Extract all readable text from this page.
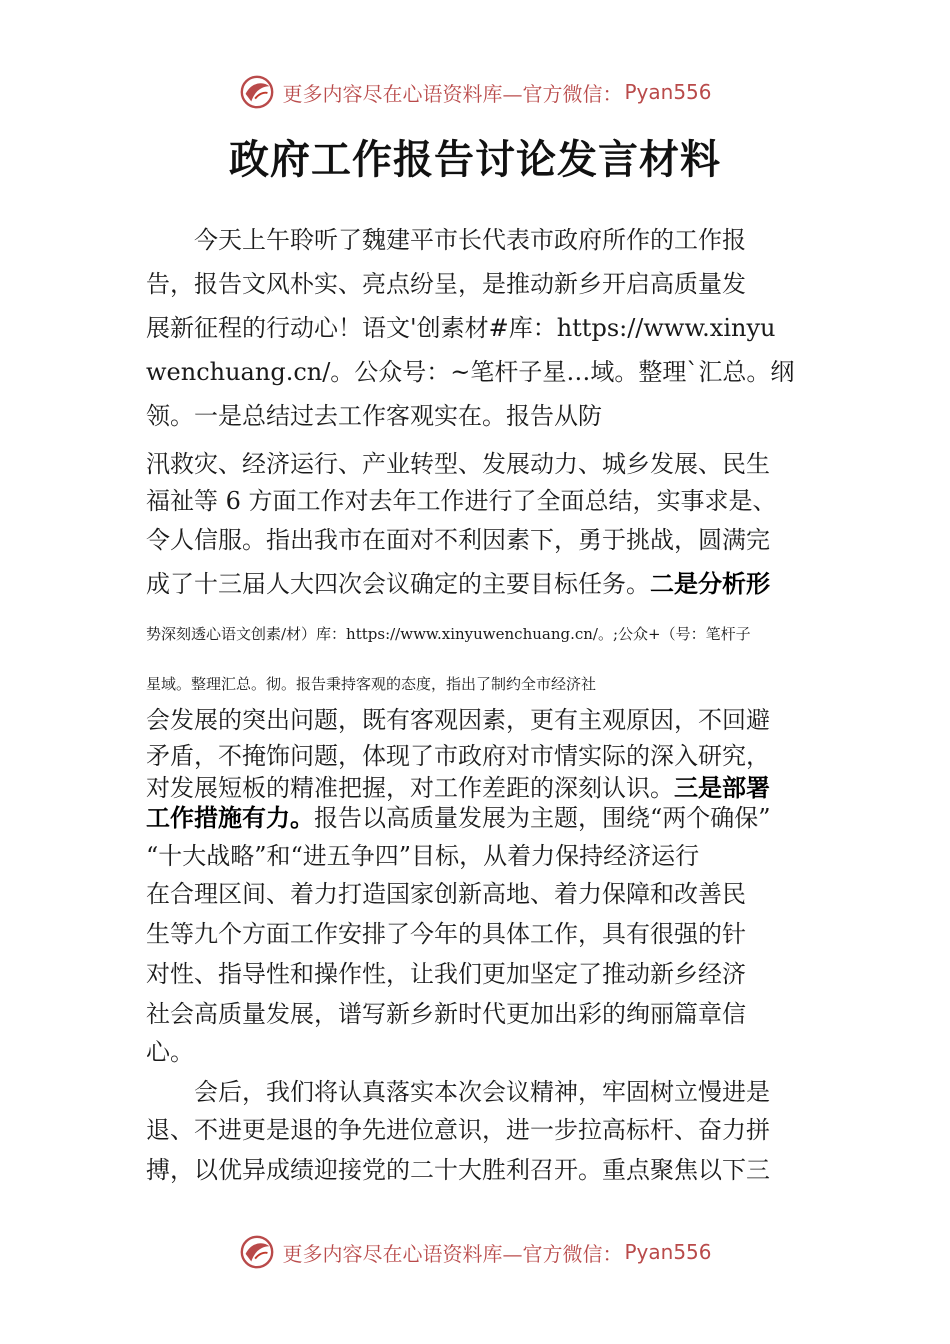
更多内容尽在心语资料库—官方微信： Pyan556
政府工作报告讨论发言材料
今天上午聆听了魏建平市长代表市政府所作的工作报
告，报告文风朴实、亮点纷呈，是推动新乡开启高质量发
展新征程的行动心！语文'创素材#库：https://www.xinyu
wenchuang.cn/。公众号：~笔杆子星…域。整理`汇总。纲
领。一是总结过去工作客观实在。报告从防
汛救灾、经济运行、产业转型、发展动力、城乡发展、民生
福祉等 6 方面工作对去年工作进行了全面总结，实事求是、
令人信服。指出我市在面对不利因素下，勇于挑战，圆满完
成了十三届人大四次会议确定的主要目标任务。二是分析形
势深刻透心语文创素/材）库：https://www.xinyuwenchuang.cn/。;公众+（号：笔杆子
星域。整理汇总。彻。报告秉持客观的态度，指出了制约全市经济社
会发展的突出问题，既有客观因素，更有主观原因，不回避
矛盾，不掩饰问题，体现了市政府对市情实际的深入研究，
对发展短板的精准把握，对工作差距的深刻认识。三是部署
工作措施有力。报告以高质量发展为主题，围绕“两个确保”
“十大战略”和“进五争四”目标，从着力保持经济运行
在合理区间、着力打造国家创新高地、着力保障和改善民
生等九个方面工作安排了今年的具体工作，具有很强的针
对性、指导性和操作性，让我们更加坚定了推动新乡经济
社会高质量发展，谱写新乡新时代更加出彩的绚丽篇章信
心。
会后，我们将认真落实本次会议精神，牢固树立慢进是
退、不进更是退的争先进位意识，进一步拉高标杆、奋力拼
搏，以优异成绩迎接党的二十大胜利召开。重点聚焦以下三
更多内容尽在心语资料库—官方微信： Pyan556
